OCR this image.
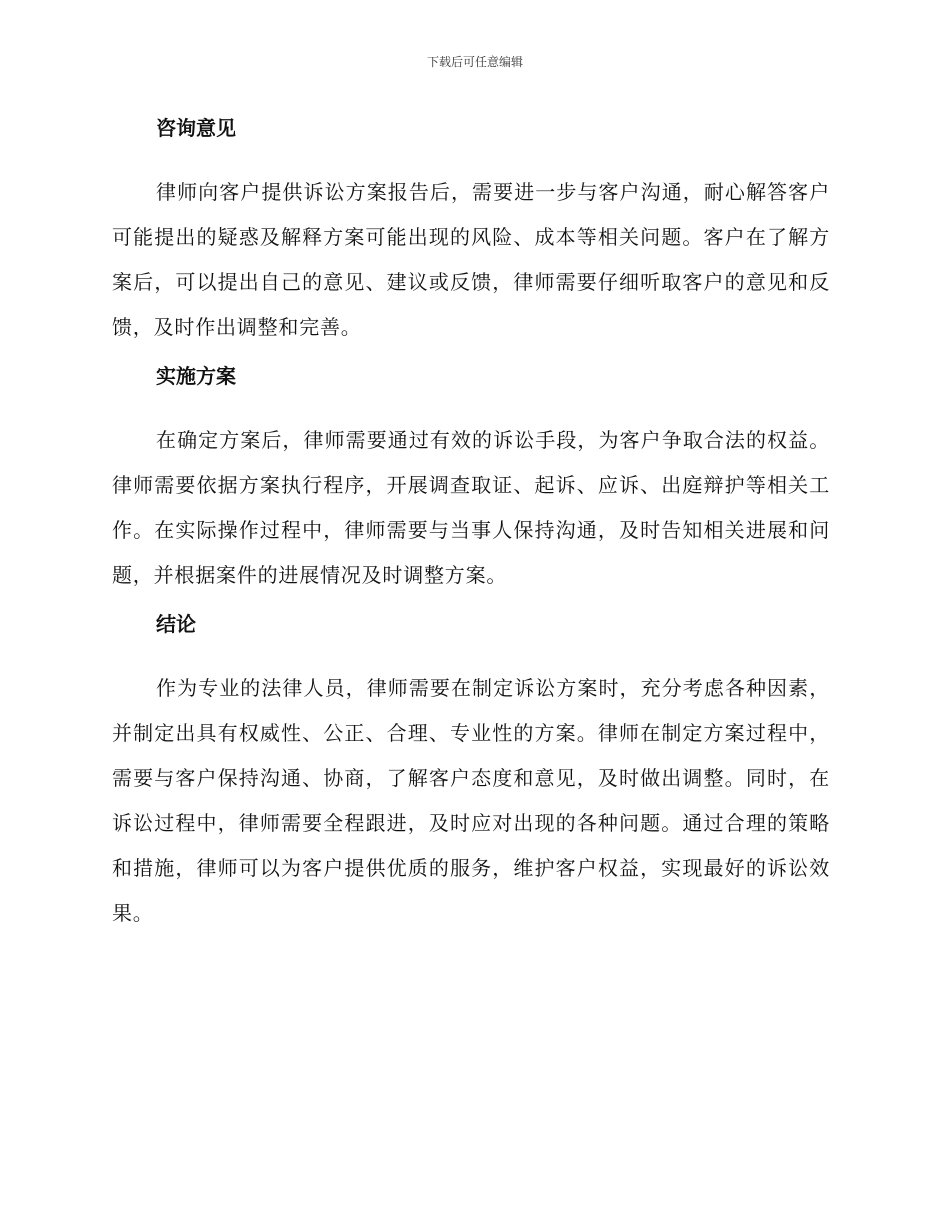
下载后可任意编辑
咨询意见

律师向客户提供诉讼方案报告后，需要进一步与客户沟通，耐心解答客户可能提出的疑惑及解释方案可能出现的风险、成本等相关问题。客户在了解方案后，可以提出自己的意见、建议或反馈，律师需要仔细听取客户的意见和反馈，及时作出调整和完善。

实施方案

在确定方案后，律师需要通过有效的诉讼手段，为客户争取合法的权益。律师需要依据方案执行程序，开展调查取证、起诉、应诉、出庭辩护等相关工作。在实际操作过程中，律师需要与当事人保持沟通，及时告知相关进展和问题，并根据案件的进展情况及时调整方案。

结论

作为专业的法律人员，律师需要在制定诉讼方案时，充分考虑各种因素，并制定出具有权威性、公正、合理、专业性的方案。律师在制定方案过程中，需要与客户保持沟通、协商，了解客户态度和意见，及时做出调整。同时，在诉讼过程中，律师需要全程跟进，及时应对出现的各种问题。通过合理的策略和措施，律师可以为客户提供优质的服务，维护客户权益，实现最好的诉讼效果。
